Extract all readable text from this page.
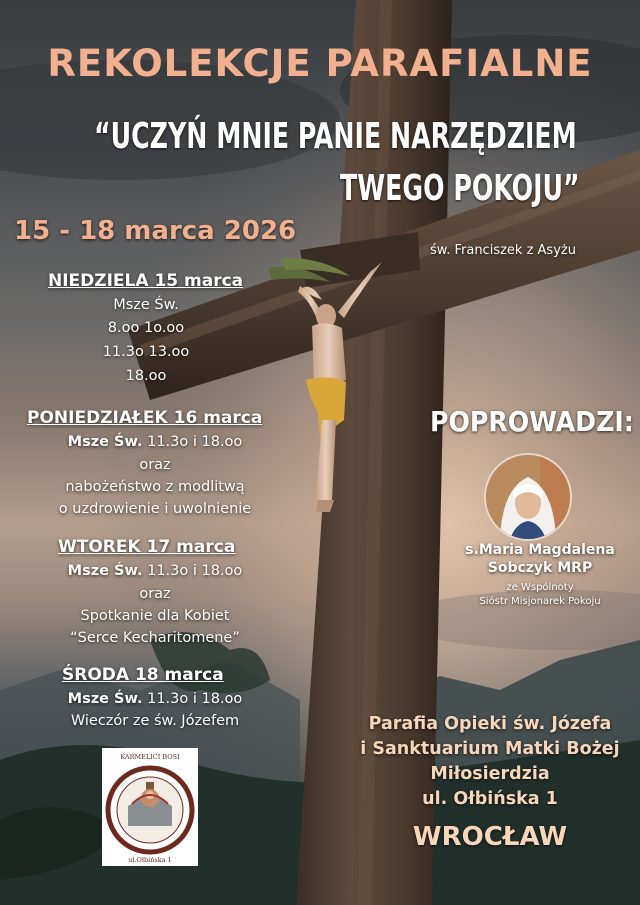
REKOLEKCJE PARAFIALNE
“UCZYŃ MNIE PANIE NARZĘDZIEM
TWEGO POKOJU”
15 - 18 marca 2026
św. Franciszek z Asyżu
NIEDZIELA 15 marca
Msze Św.
8.oo 1o.oo
11.3o 13.oo
18.oo
PONIEDZIAŁEK 16 marca
Msze Św. 11.3o i 18.oo
oraz
nabożeństwo z modlitwą
o uzdrowienie i uwolnienie
WTOREK 17 marca
Msze Św. 11.3o i 18.oo
oraz
Spotkanie dla Kobiet
“Serce Kecharitomene”
ŚRODA 18 marca
Msze Św. 11.3o i 18.oo
Wieczór ze św. Józefem
POPROWADZI:
s.Maria Magdalena
Sobczyk MRP
ze Wspólnoty
Sióstr Misjonarek Pokoju
Parafia Opieki św. Józefa
i Sanktuarium Matki Bożej
Miłosierdzia
ul. Ołbińska 1
WROCŁAW
KARMELICI BOSI
ul.Ołbińska 1
